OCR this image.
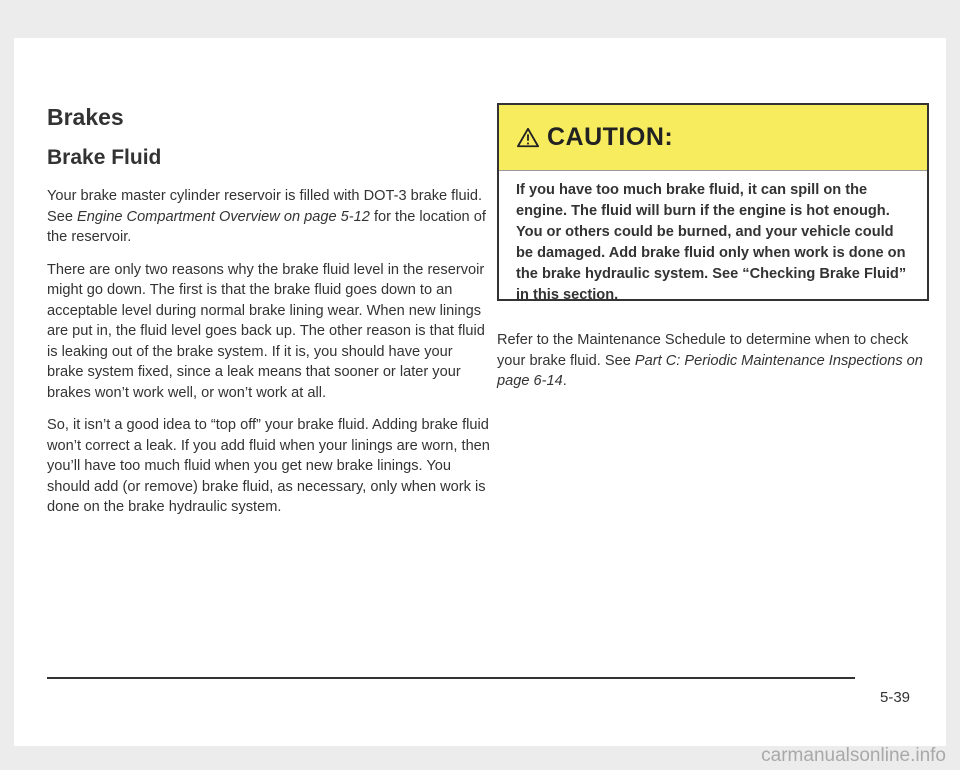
Brakes
Brake Fluid

Your brake master cylinder reservoir is filled with DOT-3 brake fluid. See Engine Compartment Overview on page 5-12 for the location of the reservoir.

There are only two reasons why the brake fluid level in the reservoir might go down. The first is that the brake fluid goes down to an acceptable level during normal brake lining wear. When new linings are put in, the fluid level goes back up. The other reason is that fluid is leaking out of the brake system. If it is, you should have your brake system fixed, since a leak means that sooner or later your brakes won’t work well, or won’t work at all.

So, it isn’t a good idea to “top off” your brake fluid. Adding brake fluid won’t correct a leak. If you add fluid when your linings are worn, then you’ll have too much fluid when you get new brake linings. You should add (or remove) brake fluid, as necessary, only when work is done on the brake hydraulic system.

CAUTION:
If you have too much brake fluid, it can spill on the engine. The fluid will burn if the engine is hot enough. You or others could be burned, and your vehicle could be damaged. Add brake fluid only when work is done on the brake hydraulic system. See “Checking Brake Fluid” in this section.

Refer to the Maintenance Schedule to determine when to check your brake fluid. See Part C: Periodic Maintenance Inspections on page 6-14.

5-39
carmanualsonline.info
